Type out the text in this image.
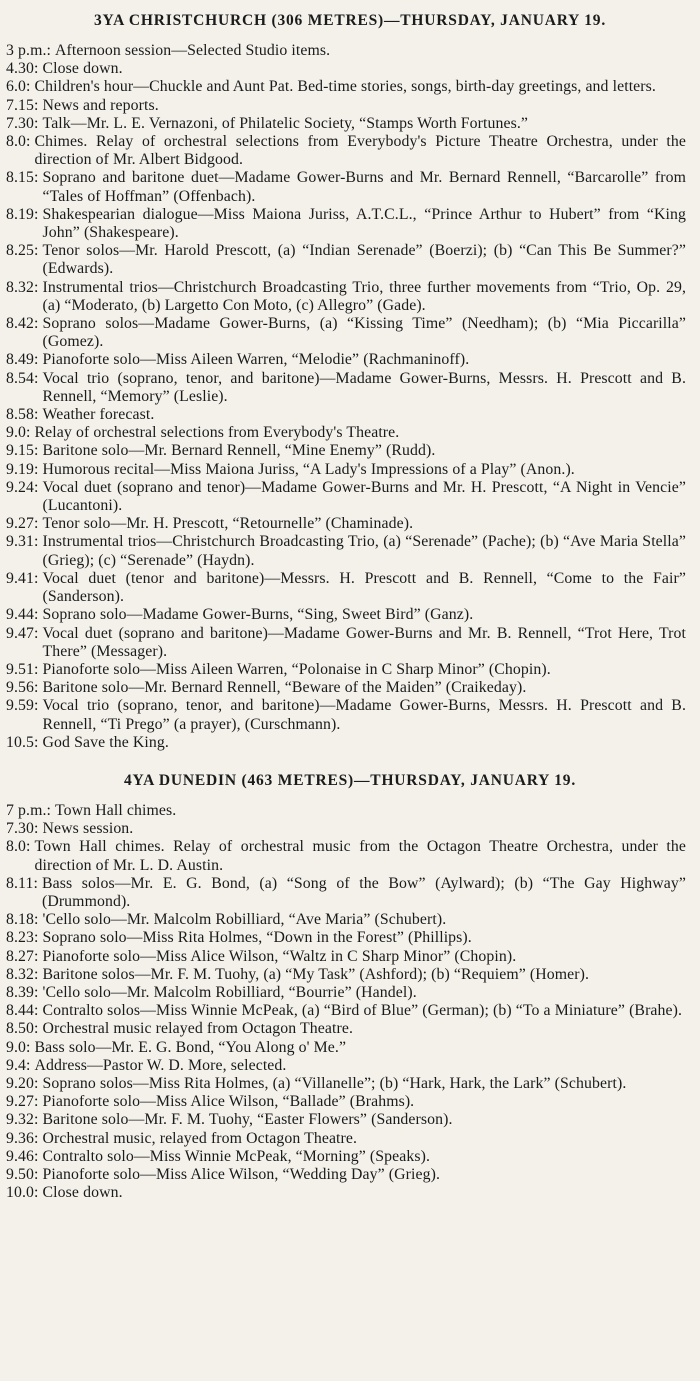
3YA CHRISTCHURCH (306 METRES)—THURSDAY, JANUARY 19.
3 p.m.: Afternoon session—Selected Studio items.
4.30: Close down.
6.0: Children's hour—Chuckle and Aunt Pat. Bed-time stories, songs, birth-day greetings, and letters.
7.15: News and reports.
7.30: Talk—Mr. L. E. Vernazoni, of Philatelic Society, “Stamps Worth Fortunes.”
8.0: Chimes. Relay of orchestral selections from Everybody's Picture Theatre Orchestra, under the direction of Mr. Albert Bidgood.
8.15: Soprano and baritone duet—Madame Gower-Burns and Mr. Bernard Rennell, “Barcarolle” from “Tales of Hoffman” (Offenbach).
8.19: Shakespearian dialogue—Miss Maiona Juriss, A.T.C.L., “Prince Arthur to Hubert” from “King John” (Shakespeare).
8.25: Tenor solos—Mr. Harold Prescott, (a) “Indian Serenade” (Boerzi); (b) “Can This Be Summer?” (Edwards).
8.32: Instrumental trios—Christchurch Broadcasting Trio, three further movements from “Trio, Op. 29, (a) “Moderato, (b) Largetto Con Moto, (c) Allegro” (Gade).
8.42: Soprano solos—Madame Gower-Burns, (a) “Kissing Time” (Needham); (b) “Mia Piccarilla” (Gomez).
8.49: Pianoforte solo—Miss Aileen Warren, “Melodie” (Rachmaninoff).
8.54: Vocal trio (soprano, tenor, and baritone)—Madame Gower-Burns, Messrs. H. Prescott and B. Rennell, “Memory” (Leslie).
8.58: Weather forecast.
9.0: Relay of orchestral selections from Everybody's Theatre.
9.15: Baritone solo—Mr. Bernard Rennell, “Mine Enemy” (Rudd).
9.19: Humorous recital—Miss Maiona Juriss, “A Lady's Impressions of a Play” (Anon.).
9.24: Vocal duet (soprano and tenor)—Madame Gower-Burns and Mr. H. Prescott, “A Night in Vencie” (Lucantoni).
9.27: Tenor solo—Mr. H. Prescott, “Retournelle” (Chaminade).
9.31: Instrumental trios—Christchurch Broadcasting Trio, (a) “Serenade” (Pache); (b) “Ave Maria Stella” (Grieg); (c) “Serenade” (Haydn).
9.41: Vocal duet (tenor and baritone)—Messrs. H. Prescott and B. Rennell, “Come to the Fair” (Sanderson).
9.44: Soprano solo—Madame Gower-Burns, “Sing, Sweet Bird” (Ganz).
9.47: Vocal duet (soprano and baritone)—Madame Gower-Burns and Mr. B. Rennell, “Trot Here, Trot There” (Messager).
9.51: Pianoforte solo—Miss Aileen Warren, “Polonaise in C Sharp Minor” (Chopin).
9.56: Baritone solo—Mr. Bernard Rennell, “Beware of the Maiden” (Craikeday).
9.59: Vocal trio (soprano, tenor, and baritone)—Madame Gower-Burns, Messrs. H. Prescott and B. Rennell, “Ti Prego” (a prayer), (Curschmann).
10.5: God Save the King.
4YA DUNEDIN (463 METRES)—THURSDAY, JANUARY 19.
7 p.m.: Town Hall chimes.
7.30: News session.
8.0: Town Hall chimes. Relay of orchestral music from the Octagon Theatre Orchestra, under the direction of Mr. L. D. Austin.
8.11: Bass solos—Mr. E. G. Bond, (a) “Song of the Bow” (Aylward); (b) “The Gay Highway” (Drummond).
8.18: 'Cello solo—Mr. Malcolm Robilliard, “Ave Maria” (Schubert).
8.23: Soprano solo—Miss Rita Holmes, “Down in the Forest” (Phillips).
8.27: Pianoforte solo—Miss Alice Wilson, “Waltz in C Sharp Minor” (Chopin).
8.32: Baritone solos—Mr. F. M. Tuohy, (a) “My Task” (Ashford); (b) “Requiem” (Homer).
8.39: 'Cello solo—Mr. Malcolm Robilliard, “Bourrie” (Handel).
8.44: Contralto solos—Miss Winnie McPeak, (a) “Bird of Blue” (German); (b) “To a Miniature” (Brahe).
8.50: Orchestral music relayed from Octagon Theatre.
9.0: Bass solo—Mr. E. G. Bond, “You Along o' Me.”
9.4: Address—Pastor W. D. More, selected.
9.20: Soprano solos—Miss Rita Holmes, (a) “Villanelle”; (b) “Hark, Hark, the Lark” (Schubert).
9.27: Pianoforte solo—Miss Alice Wilson, “Ballade” (Brahms).
9.32: Baritone solo—Mr. F. M. Tuohy, “Easter Flowers” (Sanderson).
9.36: Orchestral music, relayed from Octagon Theatre.
9.46: Contralto solo—Miss Winnie McPeak, “Morning” (Speaks).
9.50: Pianoforte solo—Miss Alice Wilson, “Wedding Day” (Grieg).
10.0: Close down.
